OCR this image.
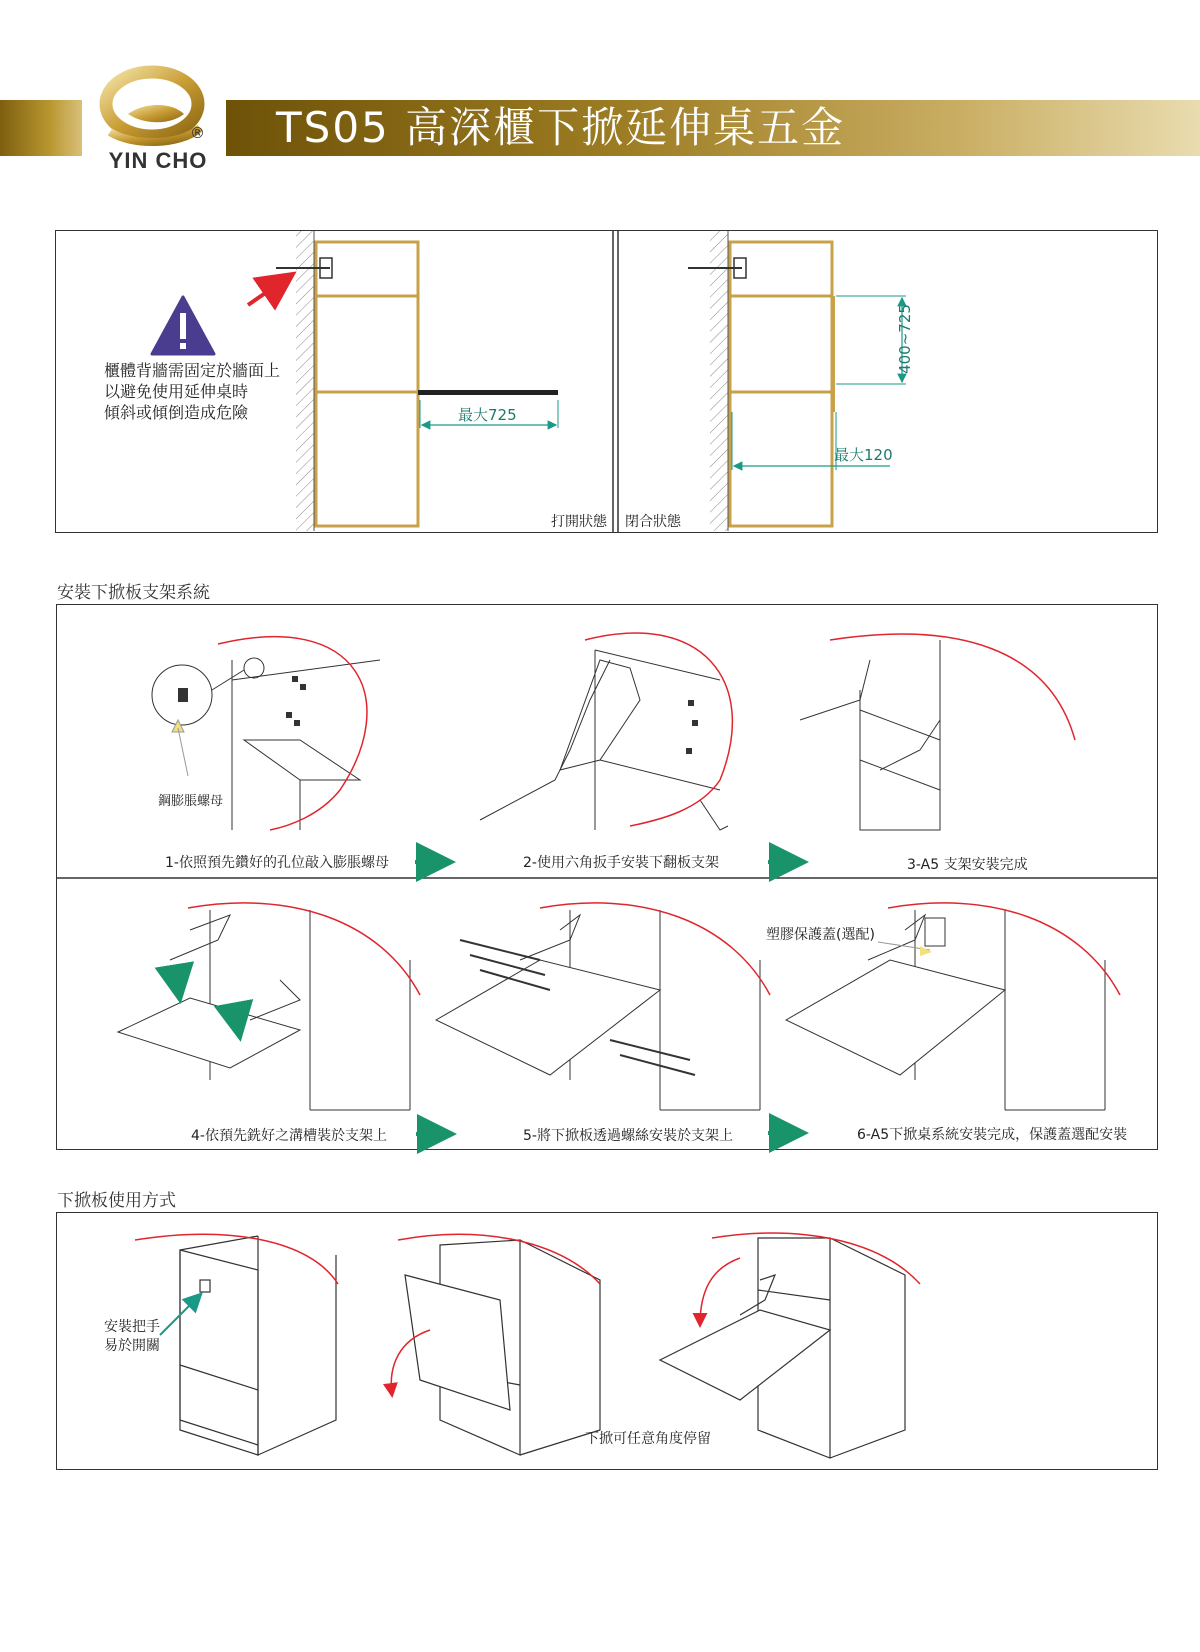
TS05 高深櫃下掀延伸桌五金
®
YIN CHO
櫃體背牆需固定於牆面上
以避免使用延伸桌時
傾斜或傾倒造成危險	最大725
400~725
最大120
打開狀態 閉合狀態
安裝下掀板支架系統
鋼膨脹螺母
塑膠保護蓋(選配)
1-依照預先鑽好的孔位敲入膨脹螺母	2-使用六角扳手安裝下翻板支架	3-A5 支架安裝完成
4-依預先銑好之溝槽裝於支架上	5-將下掀板透過螺絲安裝於支架上	6-A5下掀桌系統安裝完成，保護蓋選配安裝
下掀板使用方式
安裝把手
易於開關
下掀可任意角度停留
